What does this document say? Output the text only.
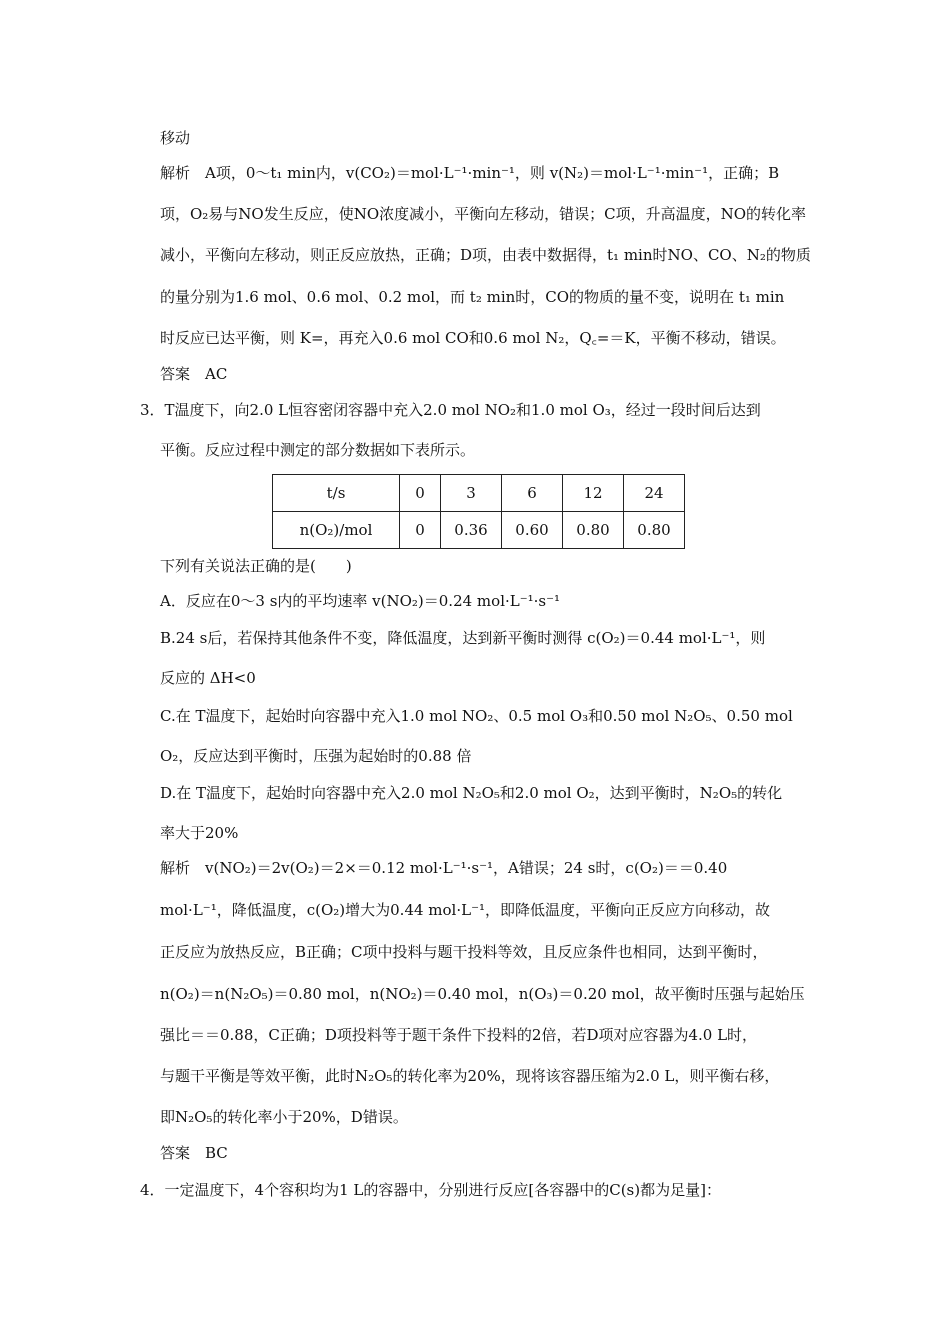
移动
解析　A项，0～t₁ min内，v(CO₂)＝mol·L⁻¹·min⁻¹，则 v(N₂)＝mol·L⁻¹·min⁻¹，正确；B
项，O₂易与NO发生反应，使NO浓度减小，平衡向左移动，错误；C项，升高温度，NO的转化率
减小，平衡向左移动，则正反应放热，正确；D项，由表中数据得，t₁ min时NO、CO、N₂的物质
的量分别为1.6 mol、0.6 mol、0.2 mol，而 t₂ min时，CO的物质的量不变，说明在 t₁ min
时反应已达平衡，则 K=，再充入0.6 mol CO和0.6 mol N₂，Q꜀=＝K，平衡不移动，错误。
答案　AC
3．T温度下，向2.0 L恒容密闭容器中充入2.0 mol NO₂和1.0 mol O₃，经过一段时间后达到
平衡。反应过程中测定的部分数据如下表所示。
t/s	0	3	6	12	24
n(O₂)/mol	0	0.36	0.60	0.80	0.80
下列有关说法正确的是(　　)
A．反应在0～3 s内的平均速率 v(NO₂)＝0.24 mol·L⁻¹·s⁻¹
B.24 s后，若保持其他条件不变，降低温度，达到新平衡时测得 c(O₂)＝0.44 mol·L⁻¹，则
反应的 ΔH<0
C.在 T温度下，起始时向容器中充入1.0 mol NO₂、0.5 mol O₃和0.50 mol N₂O₅、0.50 mol
O₂，反应达到平衡时，压强为起始时的0.88 倍
D.在 T温度下，起始时向容器中充入2.0 mol N₂O₅和2.0 mol O₂，达到平衡时，N₂O₅的转化
率大于20%
解析　v(NO₂)＝2v(O₂)＝2×＝0.12 mol·L⁻¹·s⁻¹，A错误；24 s时，c(O₂)＝＝0.40
mol·L⁻¹，降低温度，c(O₂)增大为0.44 mol·L⁻¹，即降低温度，平衡向正反应方向移动，故
正反应为放热反应，B正确；C项中投料与题干投料等效，且反应条件也相同，达到平衡时，
n(O₂)＝n(N₂O₅)＝0.80 mol，n(NO₂)＝0.40 mol，n(O₃)＝0.20 mol，故平衡时压强与起始压
强比＝＝0.88，C正确；D项投料等于题干条件下投料的2倍，若D项对应容器为4.0 L时，
与题干平衡是等效平衡，此时N₂O₅的转化率为20%，现将该容器压缩为2.0 L，则平衡右移，
即N₂O₅的转化率小于20%，D错误。
答案　BC
4．一定温度下，4个容积均为1 L的容器中，分别进行反应[各容器中的C(s)都为足量]：
